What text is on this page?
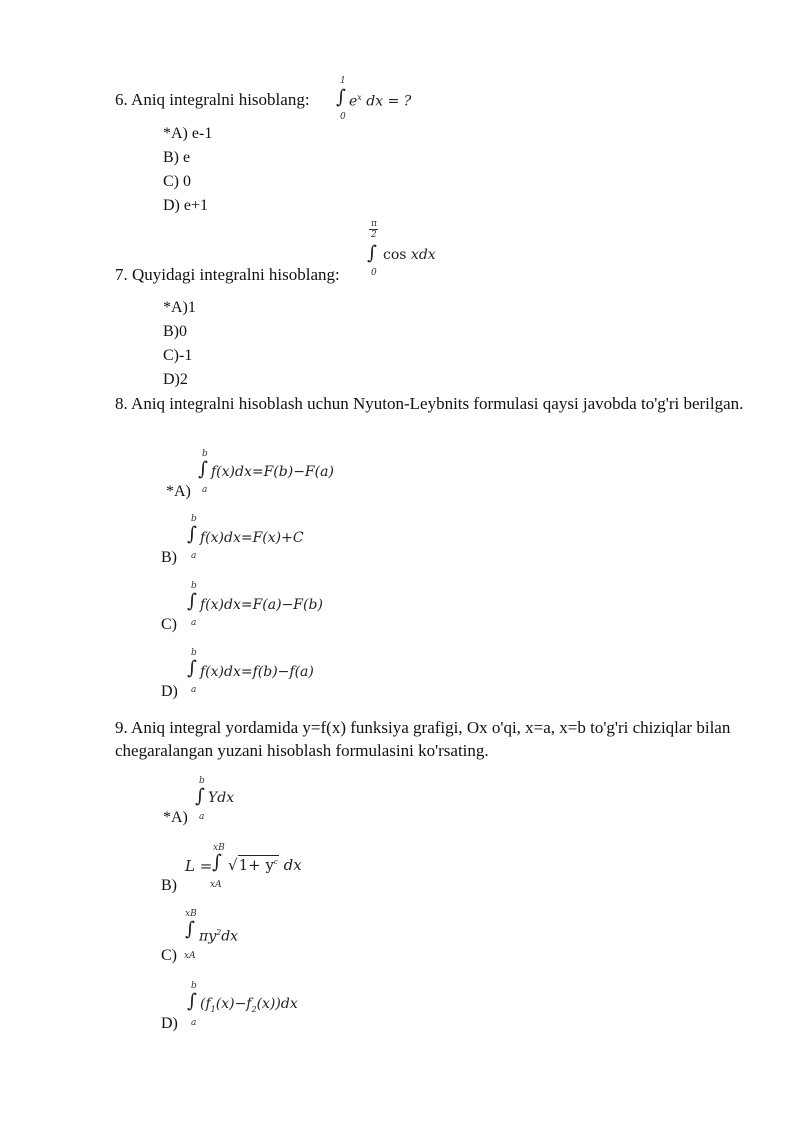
6. Aniq integralni hisoblang:
1
∫
0
$e^x$ dx = ?
*A) e-1
B) e
C) 0
D) e+1
π
2
∫
0
cos xdx
7. Quyidagi integralni hisoblang:
*A)1
B)0
C)-1
D)2
8. Aniq integralni hisoblash uchun Nyuton-Leybnits formulasi qaysi javobda to'g'ri berilgan.
b
∫
a
f(x)dx=F(b)−F(a)
*A)
b
∫
a
f(x)dx=F(x)+C
B)
b
∫
a
f(x)dx=F(a)−F(b)
C)
b
∫
a
f(x)dx=f(b)−f(a)
D)
9. Aniq integral yordamida y=f(x) funksiya grafigi, Ox o'qi, x=a, x=b to'g'ri chiziqlar bilan chegaralangan yuzani hisoblash formulasini ko'rsating.
b
∫
a
Ydx
*A)
L =
xB
∫
xA
$√1+ y^c$ dx
B)
xB
∫
xA
$\pi y^2dx$
C)
b
∫
a
$(f_1(x)-f_2(x))dx$
D)
